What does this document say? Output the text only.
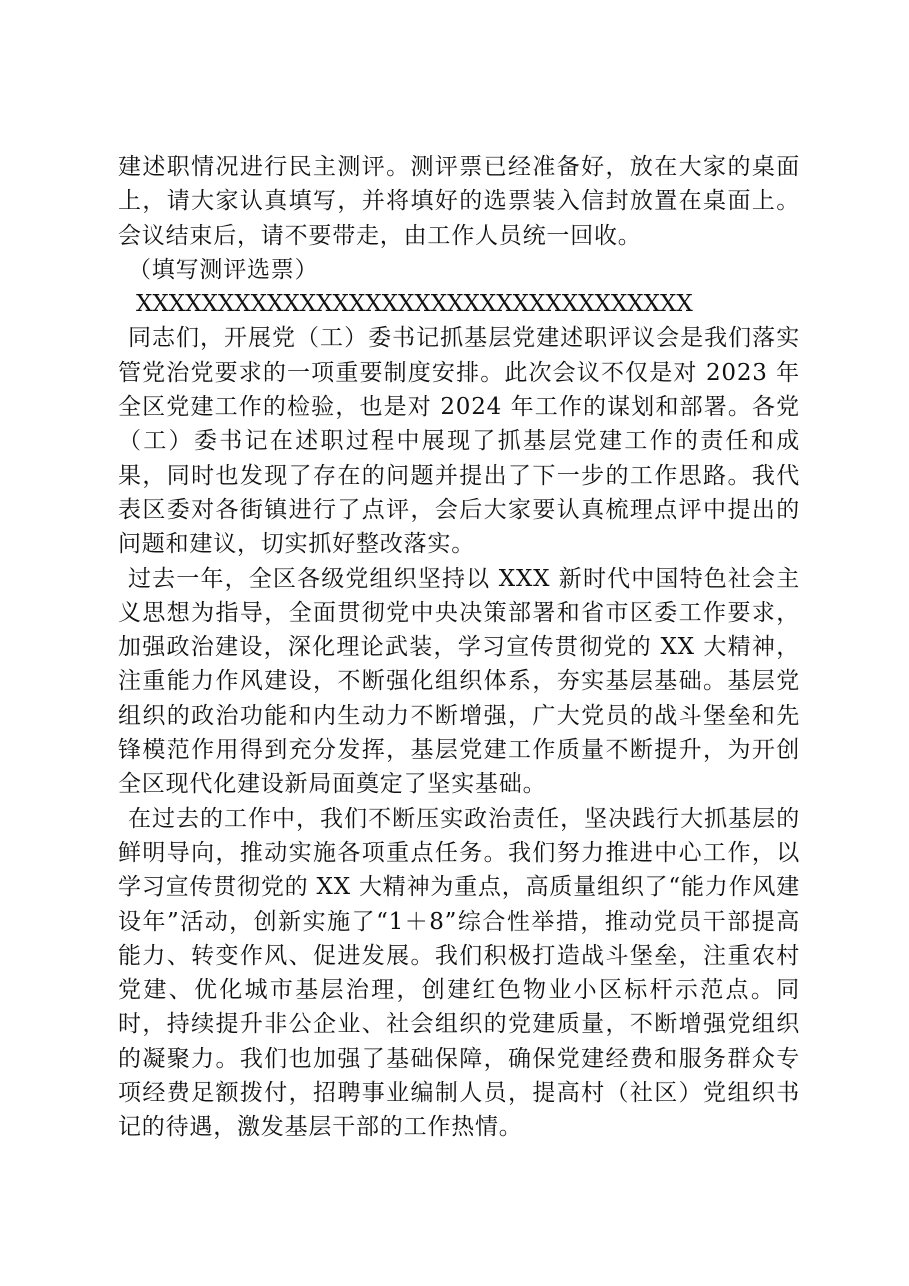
建述职情况进行民主测评。测评票已经准备好，放在大家的桌面上，请大家认真填写，并将填好的选票装入信封放置在桌面上。会议结束后，请不要带走，由工作人员统一回收。

（填写测评选票）

XXXXXXXXXXXXXXXXXXXXXXXXXXXXXXXXXX

同志们，开展党（工）委书记抓基层党建述职评议会是我们落实管党治党要求的一项重要制度安排。此次会议不仅是对 2023 年全区党建工作的检验，也是对 2024 年工作的谋划和部署。各党（工）委书记在述职过程中展现了抓基层党建工作的责任和成果，同时也发现了存在的问题并提出了下一步的工作思路。我代表区委对各街镇进行了点评，会后大家要认真梳理点评中提出的问题和建议，切实抓好整改落实。

过去一年，全区各级党组织坚持以 XXX 新时代中国特色社会主义思想为指导，全面贯彻党中央决策部署和省市区委工作要求，加强政治建设，深化理论武装，学习宣传贯彻党的 XX 大精神，注重能力作风建设，不断强化组织体系，夯实基层基础。基层党组织的政治功能和内生动力不断增强，广大党员的战斗堡垒和先锋模范作用得到充分发挥，基层党建工作质量不断提升，为开创全区现代化建设新局面奠定了坚实基础。

在过去的工作中，我们不断压实政治责任，坚决践行大抓基层的鲜明导向，推动实施各项重点任务。我们努力推进中心工作，以学习宣传贯彻党的 XX 大精神为重点，高质量组织了“能力作风建设年”活动，创新实施了“1＋8”综合性举措，推动党员干部提高能力、转变作风、促进发展。我们积极打造战斗堡垒，注重农村党建、优化城市基层治理，创建红色物业小区标杆示范点。同时，持续提升非公企业、社会组织的党建质量，不断增强党组织的凝聚力。我们也加强了基础保障，确保党建经费和服务群众专项经费足额拨付，招聘事业编制人员，提高村（社区）党组织书记的待遇，激发基层干部的工作热情。
